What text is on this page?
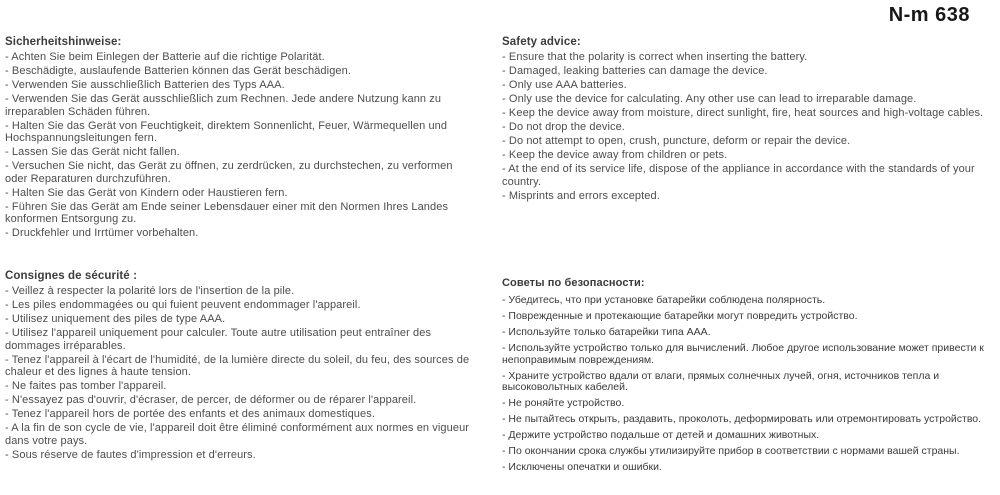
N-m 638
Sicherheitshinweise:
- Achten Sie beim Einlegen der Batterie auf die richtige Polarität.
- Beschädigte, auslaufende Batterien können das Gerät beschädigen.
- Verwenden Sie ausschließlich Batterien des Typs AAA.
- Verwenden Sie das Gerät ausschließlich zum Rechnen. Jede andere Nutzung kann zu irreparablen Schäden führen.
- Halten Sie das Gerät von Feuchtigkeit, direktem Sonnenlicht, Feuer, Wärmequellen und Hochspannungsleitungen fern.
- Lassen Sie das Gerät nicht fallen.
- Versuchen Sie nicht, das Gerät zu öffnen, zu zerdrücken, zu durchstechen, zu verformen oder Reparaturen durchzuführen.
- Halten Sie das Gerät von Kindern oder Haustieren fern.
- Führen Sie das Gerät am Ende seiner Lebensdauer einer mit den Normen Ihres Landes konformen Entsorgung zu.
- Druckfehler und Irrtümer vorbehalten.
Safety advice:
- Ensure that the polarity is correct when inserting the battery.
- Damaged, leaking batteries can damage the device.
- Only use AAA batteries.
- Only use the device for calculating. Any other use can lead to irreparable damage.
- Keep the device away from moisture, direct sunlight, fire, heat sources and high-voltage cables.
- Do not drop the device.
- Do not attempt to open, crush, puncture, deform or repair the device.
- Keep the device away from children or pets.
- At the end of its service life, dispose of the appliance in accordance with the standards of your country.
- Misprints and errors excepted.
Consignes de sécurité :
- Veillez à respecter la polarité lors de l'insertion de la pile.
- Les piles endommagées ou qui fuient peuvent endommager l'appareil.
- Utilisez uniquement des piles de type AAA.
- Utilisez l'appareil uniquement pour calculer. Toute autre utilisation peut entraîner des dommages irréparables.
- Tenez l'appareil à l'écart de l'humidité, de la lumière directe du soleil, du feu, des sources de chaleur et des lignes à haute tension.
- Ne faites pas tomber l'appareil.
- N'essayez pas d'ouvrir, d'écraser, de percer, de déformer ou de réparer l'appareil.
- Tenez l'appareil hors de portée des enfants et des animaux domestiques.
- A la fin de son cycle de vie, l'appareil doit être éliminé conformément aux normes en vigueur dans votre pays.
- Sous réserve de fautes d'impression et d'erreurs.
Советы по безопасности:
- Убедитесь, что при установке батарейки соблюдена полярность.
- Поврежденные и протекающие батарейки могут повредить устройство.
- Используйте только батарейки типа AAA.
- Используйте устройство только для вычислений. Любое другое использование может привести к непоправимым повреждениям.
- Храните устройство вдали от влаги, прямых солнечных лучей, огня, источников тепла и высоковольтных кабелей.
- Не роняйте устройство.
- Не пытайтесь открыть, раздавить, проколоть, деформировать или отремонтировать устройство.
- Держите устройство подальше от детей и домашних животных.
- По окончании срока службы утилизируйте прибор в соответствии с нормами вашей страны.
- Исключены опечатки и ошибки.
